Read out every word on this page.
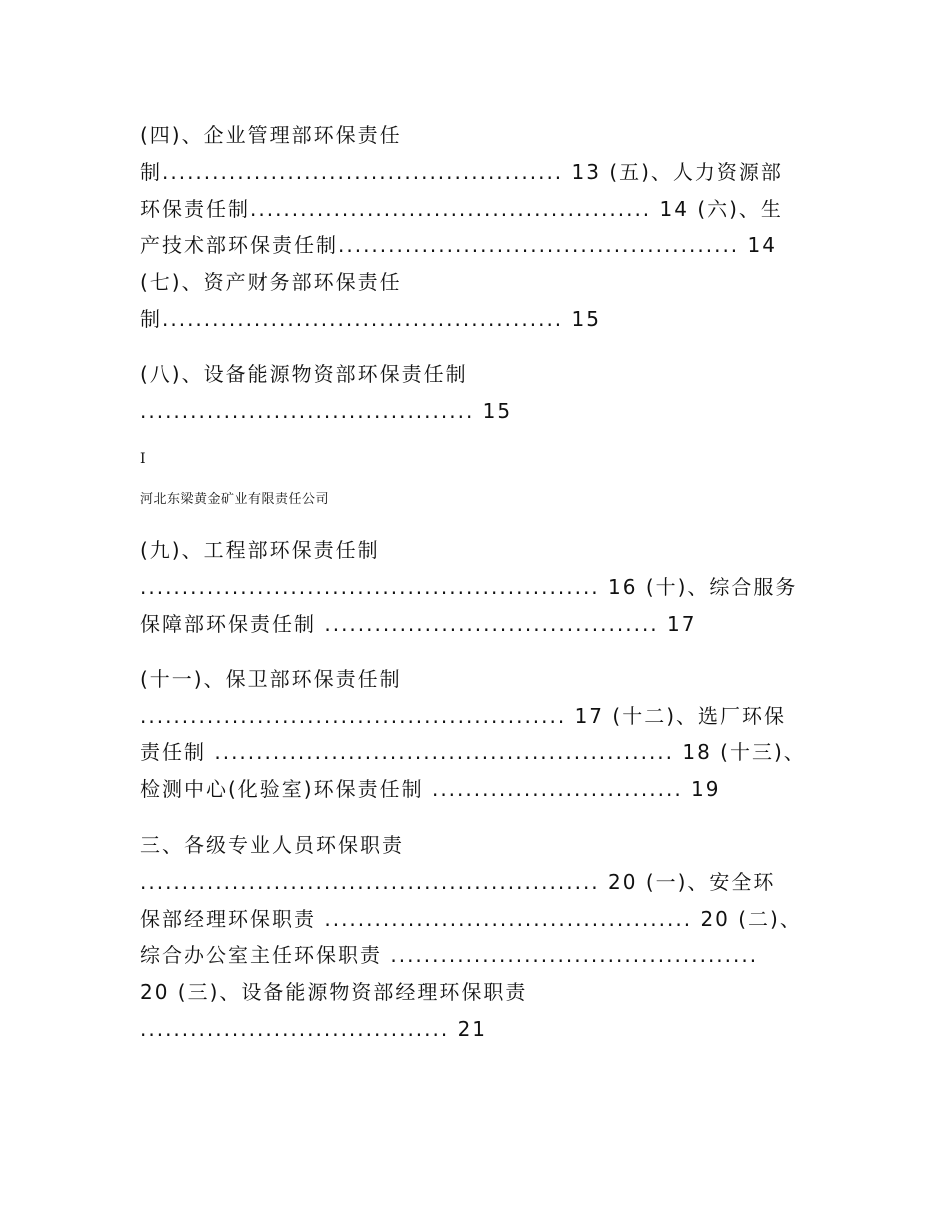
(四)、企业管理部环保责任
制................................................ 13 (五)、人力资源部
环保责任制................................................ 14 (六)、生
产技术部环保责任制................................................ 14
(七)、资产财务部环保责任
制................................................ 15
(八)、设备能源物资部环保责任制
........................................ 15
I
河北东梁黄金矿业有限责任公司
(九)、工程部环保责任制
....................................................... 16 (十)、综合服务
保障部环保责任制 ........................................ 17
(十一)、保卫部环保责任制
................................................... 17 (十二)、选厂环保
责任制 ....................................................... 18 (十三)、
检测中心(化验室)环保责任制 .............................. 19
三、各级专业人员环保职责
....................................................... 20 (一)、安全环
保部经理环保职责 ............................................ 20 (二)、
综合办公室主任环保职责 ............................................
20 (三)、设备能源物资部经理环保职责
..................................... 21
